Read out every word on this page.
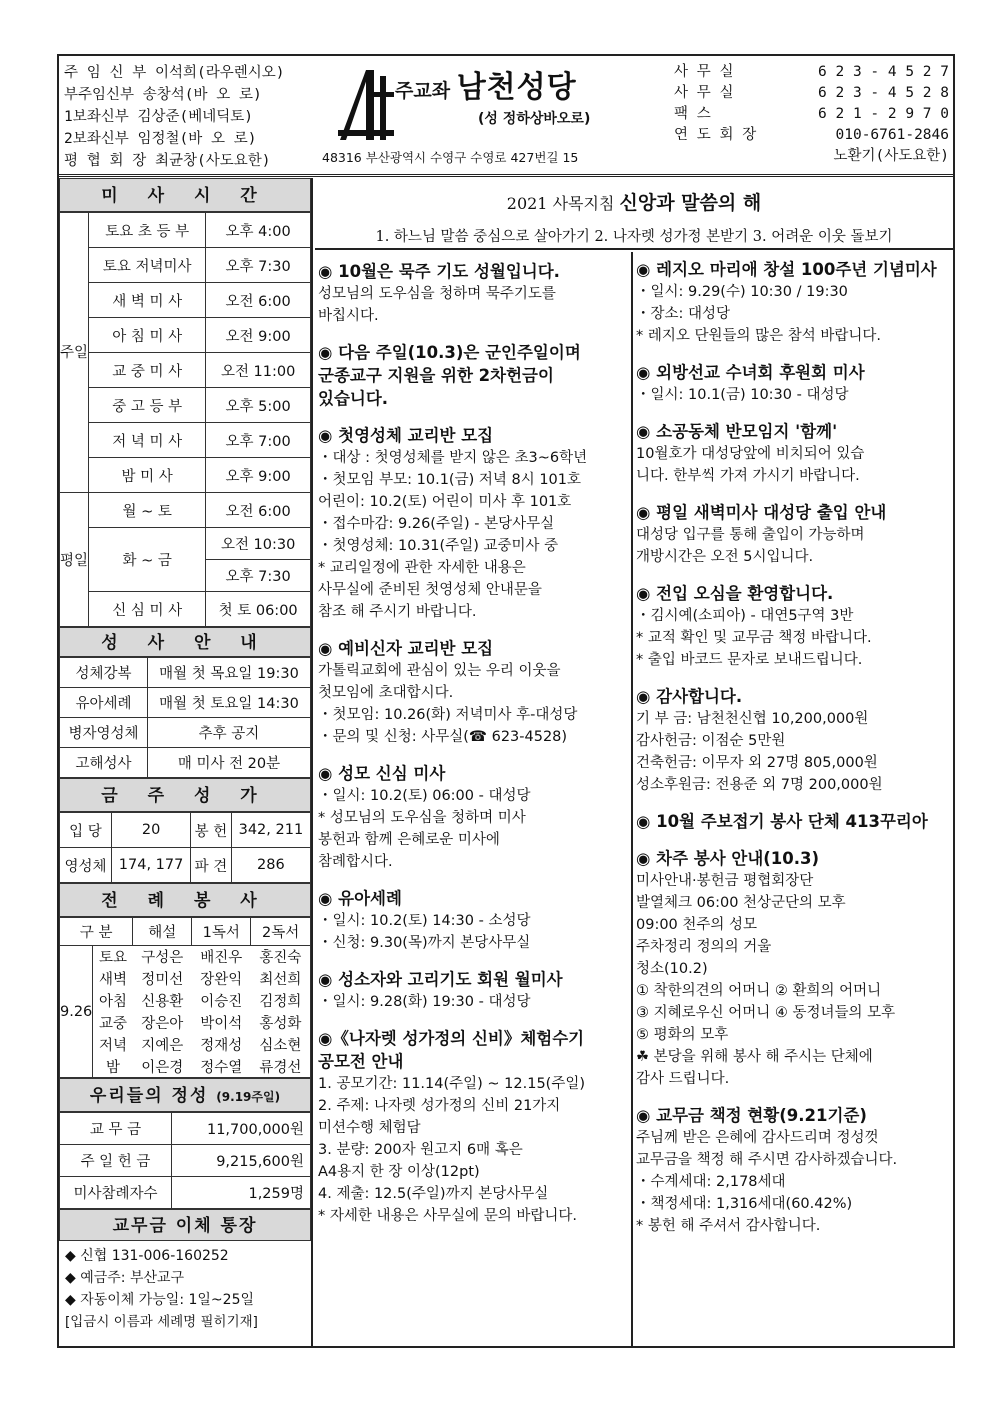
주 임 신 부 이석희(라우렌시오)
부주임신부 송창석(바 오 로)
1보좌신부 김상준(베네딕토)
2보좌신부 임정철(바 오 로)
평 협 회 장 최균창(사도요한)
주교좌 남천성당
(성 정하상바오로)
48316 부산광역시 수영구 수영로 427번길 15
사 무 실	6 2 3 - 4 5 2 7
사 무 실	6 2 3 - 4 5 2 8
팩 스	6 2 1 - 2 9 7 0
연 도 회 장	010-6761-2846
노환기(사도요한)
미 사 시 간
주일	토요 초 등 부	오후 4:00
	토요 저녁미사	오후 7:30
	새 벽 미 사	오전 6:00
	아 침 미 사	오전 9:00
	교 중 미 사	오전 11:00
	중 고 등 부	오후 5:00
	저 녁 미 사	오후 7:00
	밤 미 사	오후 9:00
평일	월 ~ 토	오전 6:00
	화 ~ 금	오전 10:30
		오후 7:30
	신 심 미 사	첫 토 06:00
성 사 안 내
성체강복	매월 첫 목요일 19:30
유아세례	매월 첫 토요일 14:30
병자영성체	추후 공지
고해성사	매 미사 전 20분
금 주 성 가
입 당	20	봉 헌	342, 211
영성체	174, 177	파 견	286
전 례 봉 사
구 분		해설	1독서	2독서
9.26	토요	구성은	배진우	홍진숙
	새벽	정미선	장완익	최선희
	아침	신용환	이승진	김정희
	교중	장은아	박이석	홍성화
	저녁	지예은	정재성	심소현
	밤	이은경	정수열	류경선
우리들의 정성 (9.19주일)
교 무 금	11,700,000원
주 일 헌 금	9,215,600원
미사참례자수	1,259명
교무금 이체 통장
◆ 신협 131-006-160252
◆ 예금주: 부산교구
◆ 자동이체 가능일: 1일~25일
[입금시 이름과 세례명 필히기재]
2021 사목지침 신앙과 말씀의 해
1. 하느님 말씀 중심으로 살아가기 2. 나자렛 성가정 본받기 3. 어려운 이웃 돌보기
◉ 10월은 묵주 기도 성월입니다.

성모님의 도우심을 청하며 묵주기도를

바칩시다.

◉ 다음 주일(10.3)은 군인주일이며
군종교구 지원을 위한 2차헌금이
있습니다.
◉ 첫영성체 교리반 모집

・대상 : 첫영성체를 받지 않은 초3~6학년

・첫모임 부모: 10.1(금) 저녁 8시 101호

어린이: 10.2(토) 어린이 미사 후 101호

・접수마감: 9.26(주일) - 본당사무실

・첫영성체: 10.31(주일) 교중미사 중

* 교리일정에 관한 자세한 내용은

사무실에 준비된 첫영성체 안내문을

참조 해 주시기 바랍니다.

◉ 예비신자 교리반 모집

가톨릭교회에 관심이 있는 우리 이웃을

첫모임에 초대합시다.

・첫모임: 10.26(화) 저녁미사 후-대성당

・문의 및 신청: 사무실(☎ 623-4528)

◉ 성모 신심 미사

・일시: 10.2(토) 06:00 - 대성당

* 성모님의 도우심을 청하며 미사

봉헌과 함께 은혜로운 미사에

참례합시다.

◉ 유아세례

・일시: 10.2(토) 14:30 - 소성당

・신청: 9.30(목)까지 본당사무실

◉ 성소자와 고리기도 회원 월미사

・일시: 9.28(화) 19:30 - 대성당

◉《나자렛 성가정의 신비》체험수기
공모전 안내

1. 공모기간: 11.14(주일) ~ 12.15(주일)

2. 주제: 나자렛 성가정의 신비 21가지

미션수행 체험담

3. 분량: 200자 원고지 6매 혹은

A4용지 한 장 이상(12pt)

4. 제출: 12.5(주일)까지 본당사무실

* 자세한 내용은 사무실에 문의 바랍니다.

◉ 레지오 마리애 창설 100주년 기념미사

・일시: 9.29(수) 10:30 / 19:30

・장소: 대성당

* 레지오 단원들의 많은 참석 바랍니다.

◉ 외방선교 수녀회 후원회 미사

・일시: 10.1(금) 10:30 - 대성당

◉ 소공동체 반모임지 '함께'

10월호가 대성당앞에 비치되어 있습

니다. 한부씩 가져 가시기 바랍니다.

◉ 평일 새벽미사 대성당 출입 안내

대성당 입구를 통해 출입이 가능하며

개방시간은 오전 5시입니다.

◉ 전입 오심을 환영합니다.

・김시예(소피아) - 대연5구역 3반

* 교적 확인 및 교무금 책정 바랍니다.

* 출입 바코드 문자로 보내드립니다.

◉ 감사합니다.

기 부 금: 남천천신협 10,200,000원

감사헌금: 이점순 5만원

건축헌금: 이무자 외 27명 805,000원

성소후원금: 전용준 외 7명 200,000원

◉ 10월 주보접기 봉사 단체 413꾸리아
◉ 차주 봉사 안내(10.3)

미사안내·봉헌금 평협회장단

발열체크 06:00 천상군단의 모후

09:00 천주의 성모

주차정리 정의의 거울

청소(10.2)

① 착한의견의 어머니 ② 환희의 어머니

③ 지혜로우신 어머니 ④ 동정녀들의 모후

⑤ 평화의 모후

☘ 본당을 위해 봉사 해 주시는 단체에

감사 드립니다.

◉ 교무금 책정 현황(9.21기준)

주님께 받은 은혜에 감사드리며 정성껏

교무금을 책정 해 주시면 감사하겠습니다.

・수계세대: 2,178세대

・책정세대: 1,316세대(60.42%)

* 봉헌 해 주셔서 감사합니다.
